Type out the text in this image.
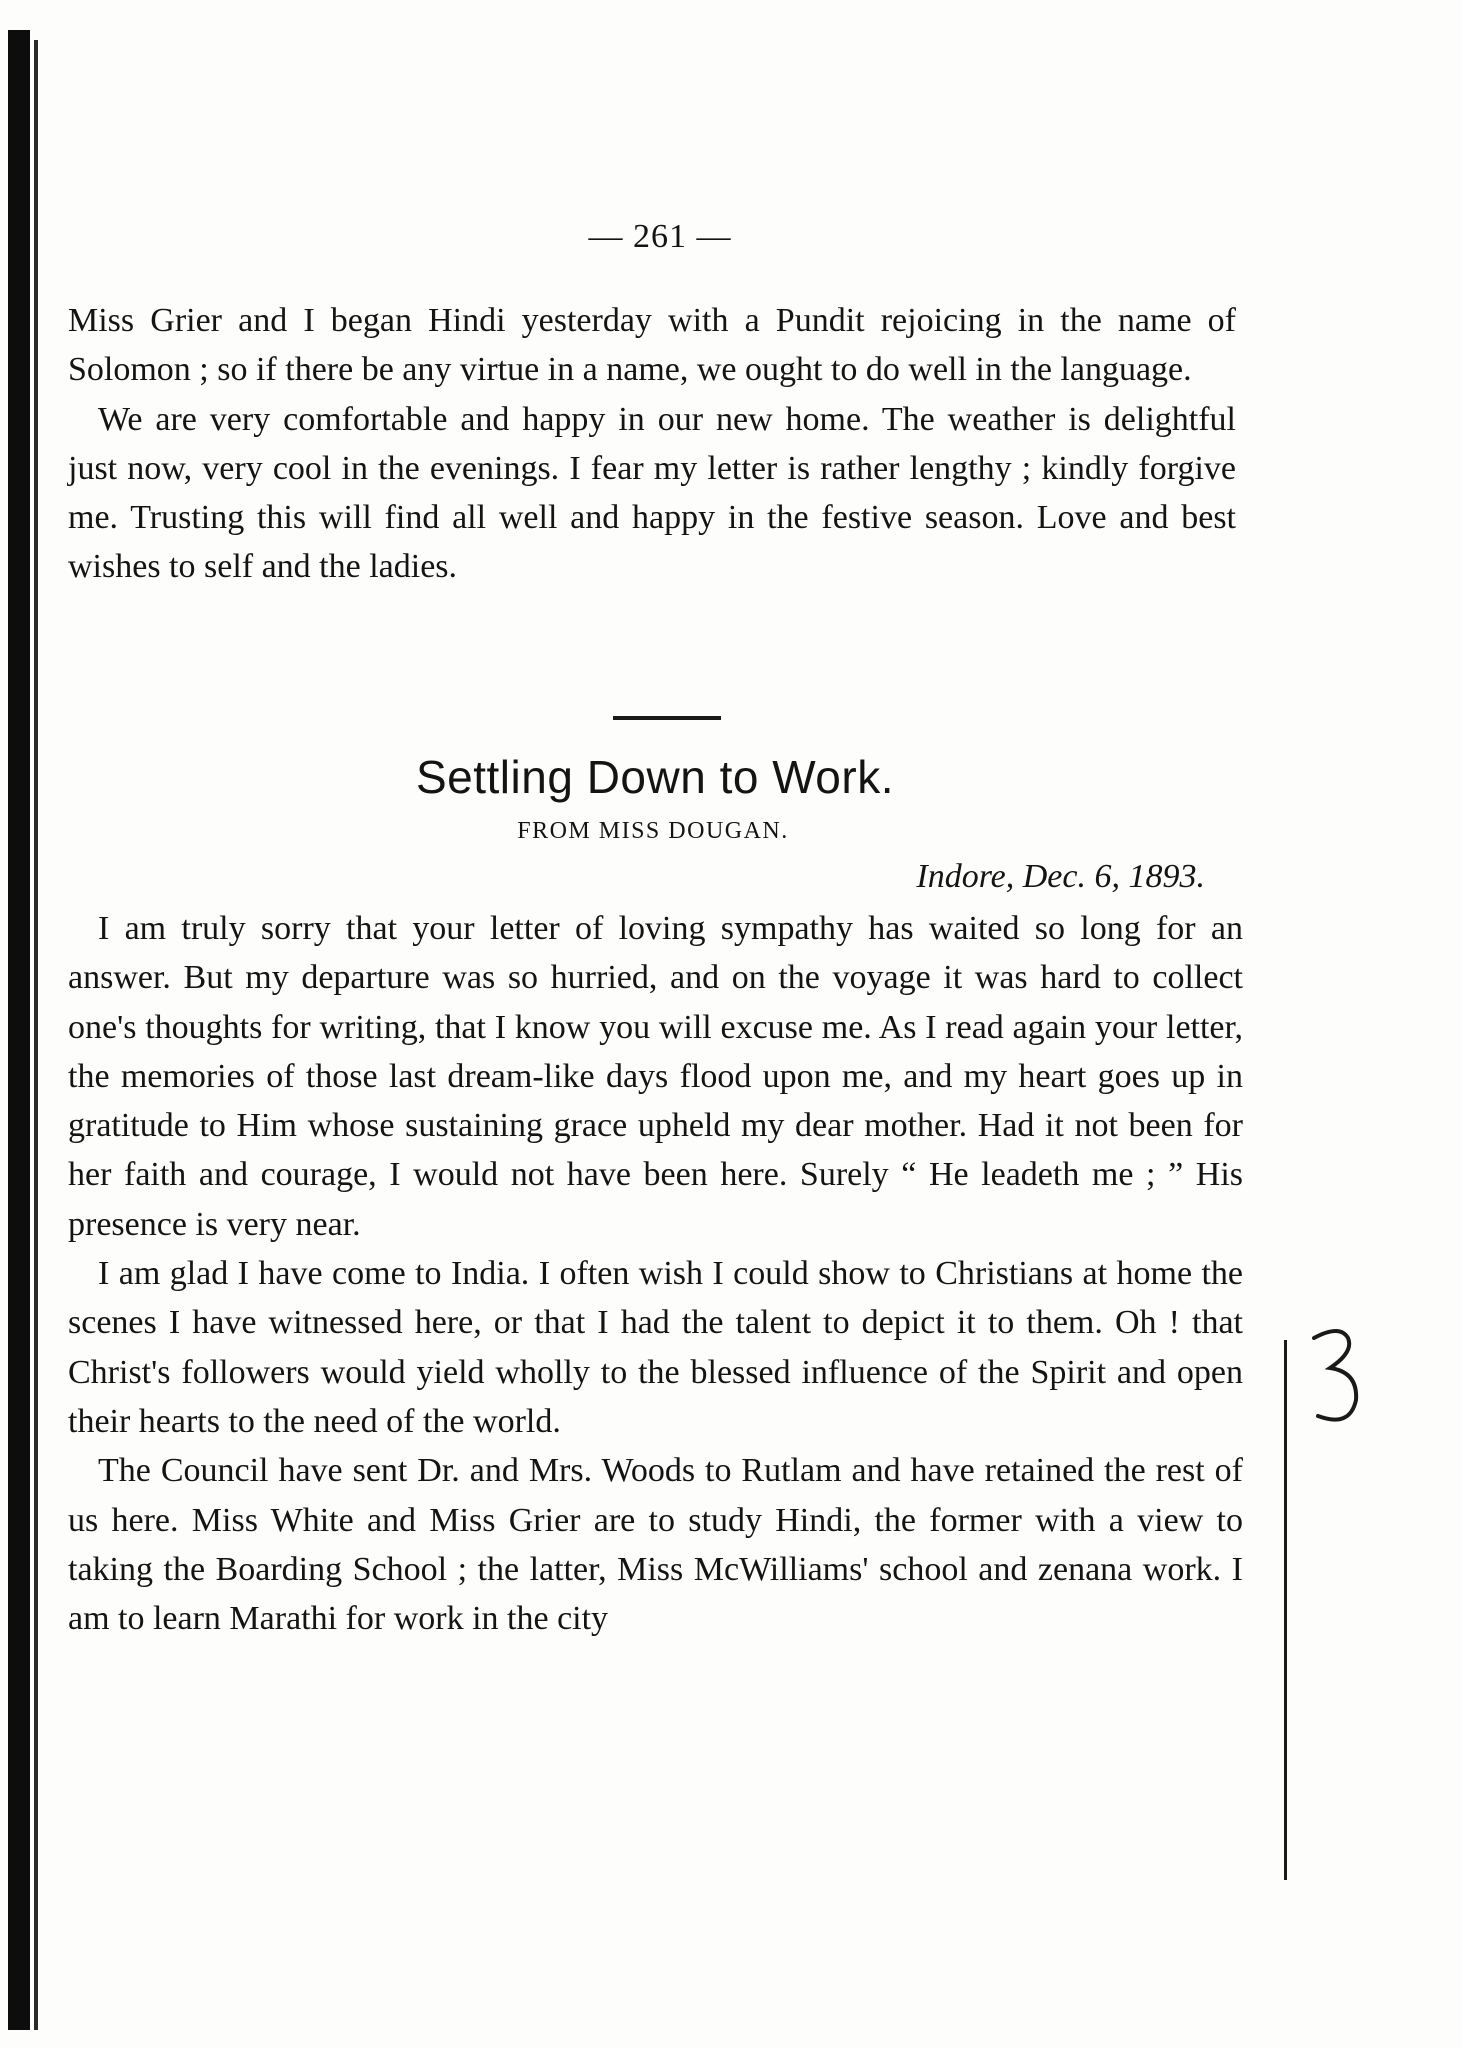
— 261 —

Miss Grier and I began Hindi yesterday with a Pundit rejoicing in the name of Solomon ; so if there be any virtue in a name, we ought to do well in the language.

We are very comfortable and happy in our new home. The weather is delightful just now, very cool in the evenings. I fear my letter is rather lengthy ; kindly forgive me. Trusting this will find all well and happy in the festive season. Love and best wishes to self and the ladies.

Settling Down to Work.
FROM MISS DOUGAN.
Indore, Dec. 6, 1893.

I am truly sorry that your letter of loving sympathy has waited so long for an answer. But my departure was so hurried, and on the voyage it was hard to collect one's thoughts for writing, that I know you will excuse me. As I read again your letter, the memories of those last dream-like days flood upon me, and my heart goes up in gratitude to Him whose sustaining grace upheld my dear mother. Had it not been for her faith and courage, I would not have been here. Surely “ He leadeth me ; ” His presence is very near.

I am glad I have come to India. I often wish I could show to Christians at home the scenes I have witnessed here, or that I had the talent to depict it to them. Oh ! that Christ's followers would yield wholly to the blessed influence of the Spirit and open their hearts to the need of the world.

The Council have sent Dr. and Mrs. Woods to Rutlam and have retained the rest of us here. Miss White and Miss Grier are to study Hindi, the former with a view to taking the Boarding School ; the latter, Miss McWilliams' school and zenana work. I am to learn Marathi for work in the city
